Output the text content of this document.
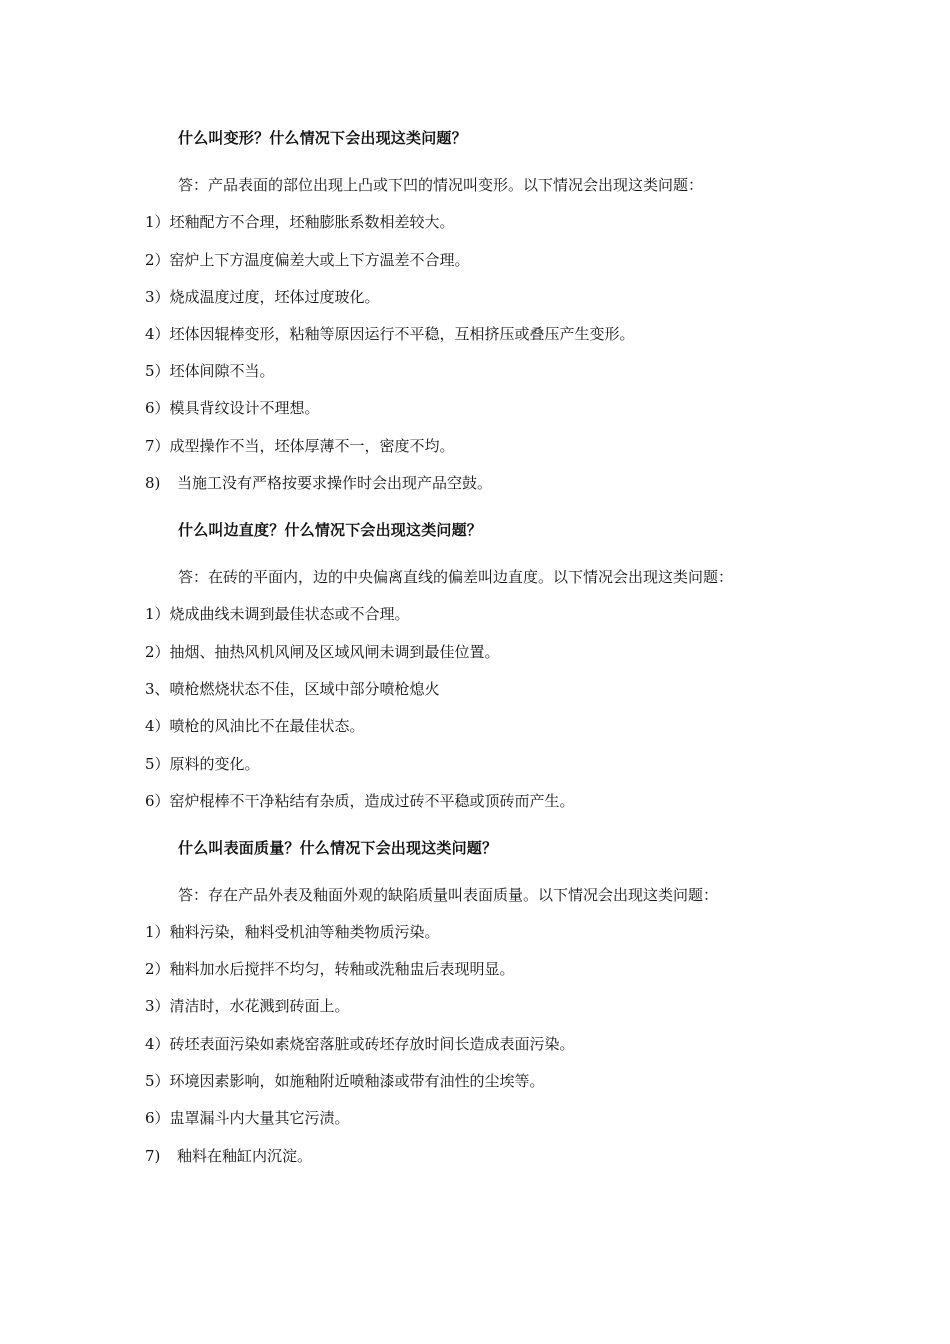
什么叫变形？什么情况下会出现这类问题？
答：产品表面的部位出现上凸或下凹的情况叫变形。以下情况会出现这类问题：
1）坯釉配方不合理，坯釉膨胀系数相差较大。
2）窑炉上下方温度偏差大或上下方温差不合理。
3）烧成温度过度，坯体过度玻化。
4）坯体因辊棒变形，粘釉等原因运行不平稳，互相挤压或叠压产生变形。
5）坯体间隙不当。
6）模具背纹设计不理想。
7）成型操作不当，坯体厚薄不一，密度不均。
8) 当施工没有严格按要求操作时会出现产品空鼓。
什么叫边直度？什么情况下会出现这类问题？
答：在砖的平面内，边的中央偏离直线的偏差叫边直度。以下情况会出现这类问题：
1）烧成曲线未调到最佳状态或不合理。
2）抽烟、抽热风机风闸及区域风闸未调到最佳位置。
3、喷枪燃烧状态不佳，区域中部分喷枪熄火
4）喷枪的风油比不在最佳状态。
5）原料的变化。
6）窑炉棍棒不干净粘结有杂质，造成过砖不平稳或顶砖而产生。
什么叫表面质量？什么情况下会出现这类问题？
答：存在产品外表及釉面外观的缺陷质量叫表面质量。以下情况会出现这类问题：
1）釉料污染，釉料受机油等釉类物质污染。
2）釉料加水后搅拌不均匀，转釉或洗釉盅后表现明显。
3）清洁时，水花溅到砖面上。
4）砖坯表面污染如素烧窑落脏或砖坯存放时间长造成表面污染。
5）环境因素影响，如施釉附近喷釉漆或带有油性的尘埃等。
6）盅罩漏斗内大量其它污渍。
7) 釉料在釉缸内沉淀。
